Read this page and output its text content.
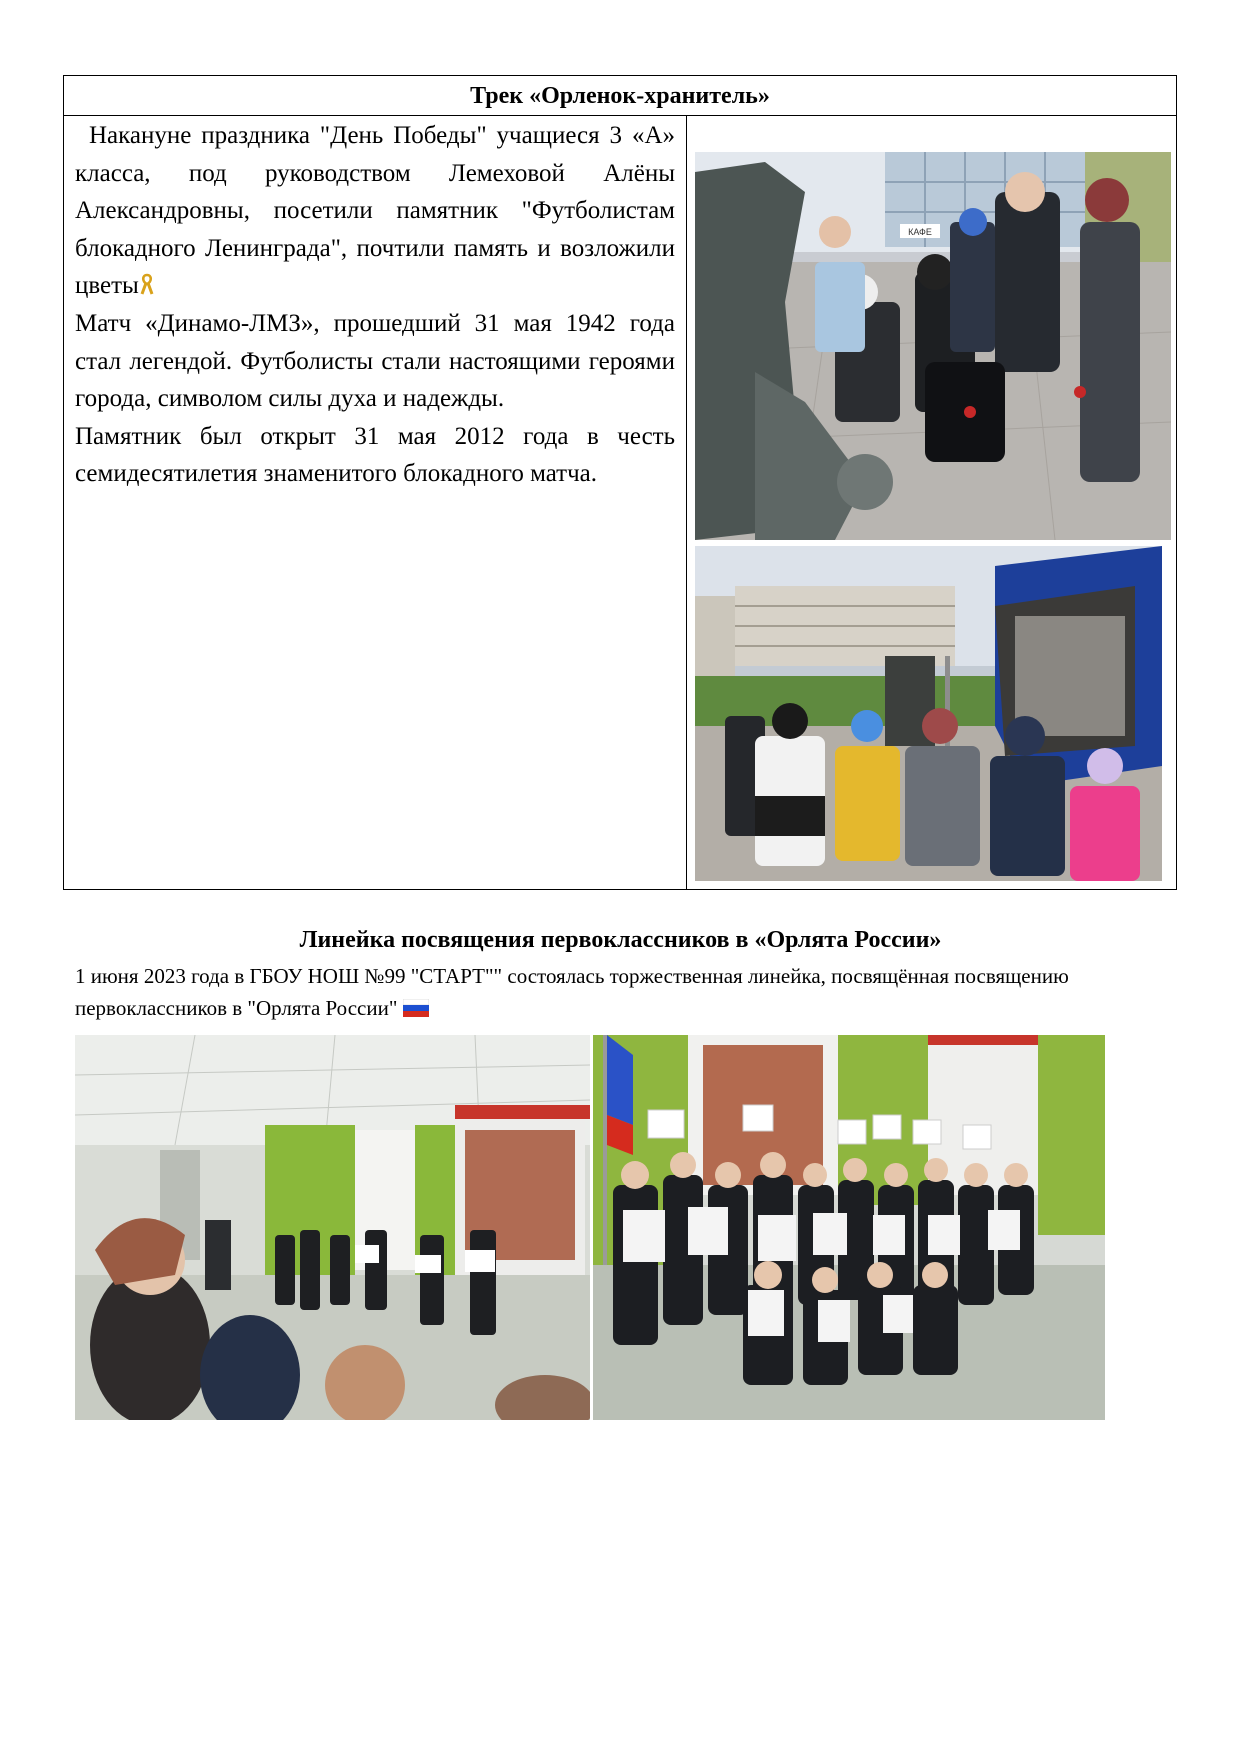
Трек «Орленок-хранитель»

Накануне праздника "День Победы" учащиеся 3 «А» класса, под руководством Лемеховой Алёны Александровны, посетили памятник "Футболистам блокадного Ленинграда", почтили память и возложили цветы

Матч «Динамо-ЛМЗ», прошедший 31 мая 1942 года стал легендой. Футболисты стали настоящими героями города, символом силы духа и надежды.

Памятник был открыт 31 мая 2012 года в честь семидесятилетия знаменитого блокадного матча.

КАФЕ
Линейка посвящения первоклассников в «Орлята России»
1 июня 2023 года в ГБОУ НОШ №99 "СТАРТ"" состоялась торжественная линейка, посвящённая посвящению первоклассников в "Орлята России"
